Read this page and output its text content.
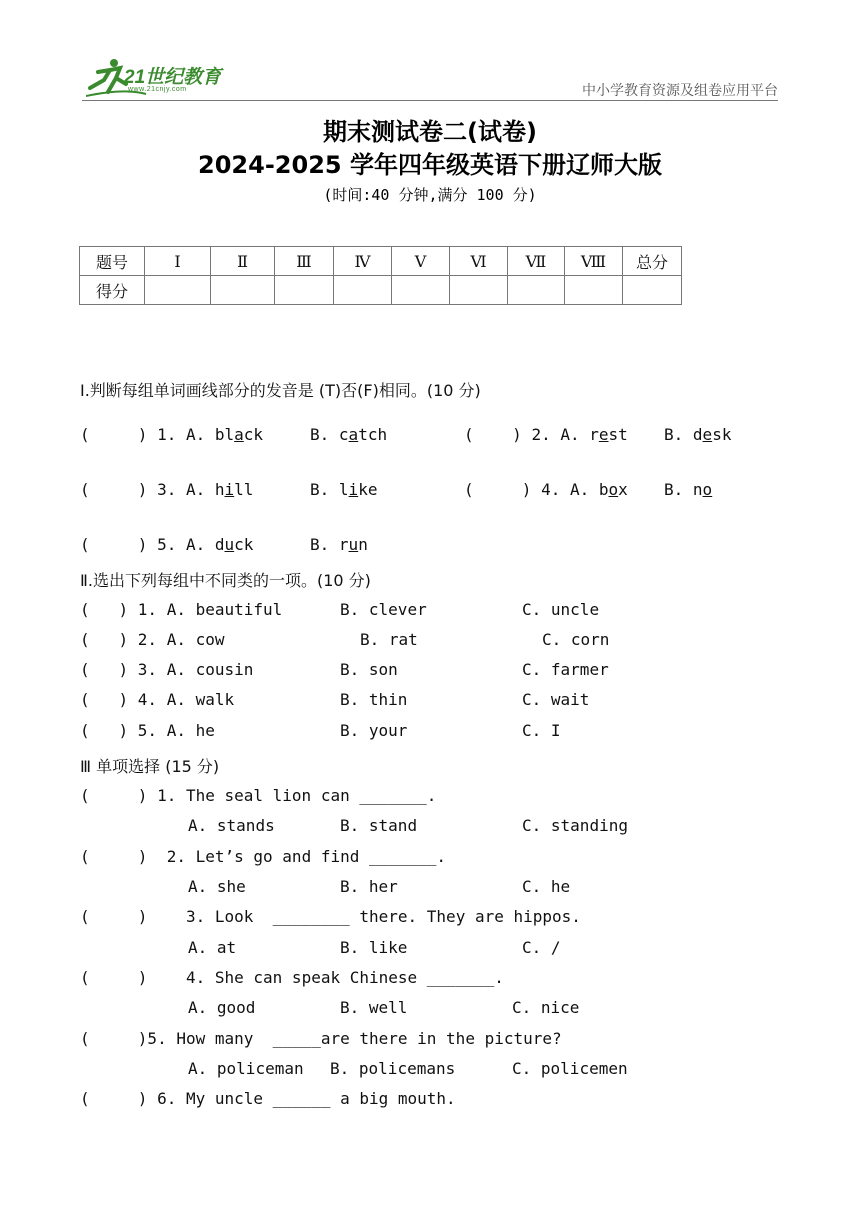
21世纪教育
www.21cnjy.com	中小学教育资源及组卷应用平台
期末测试卷二(试卷)
2024-2025 学年四年级英语下册辽师大版
(时间:40 分钟,满分 100 分)
题号	Ⅰ	Ⅱ	Ⅲ	Ⅳ	Ⅴ	Ⅵ	Ⅶ	Ⅷ	总分
得分									
Ⅰ.判断每组单词画线部分的发音是 (T)否(F)相同。(10 分)
(     ) 1. A. black	B. catch	(    ) 2. A. rest B. desk
(     ) 3. A. hill	B. like	(     ) 4. A. box B. no
(     ) 5. A. duck	B. run
Ⅱ.选出下列每组中不同类的一项。(10 分)
(   ) 1. A. beautiful	B. clever	C. uncle
(   ) 2. A. cow	B. rat	C. corn
(   ) 3. A. cousin	B. son	C. farmer
(   ) 4. A. walk	B. thin	C. wait
(   ) 5. A. he	B. your	C. I
Ⅲ 单项选择 (15 分)
(     ) 1. The seal lion can _______.
A. stands	B. stand	C. standing
(     )  2. Let’s go and find _______.
A. she	B. her	C. he
(     )    3. Look  ________ there. They are hippos.
A. at	B. like	C. /
(     )    4. She can speak Chinese _______.
A. good	B. well	C. nice
(     )5. How many  _____are there in the picture?
A. policeman B. policemans	C. policemen
(     ) 6. My uncle ______ a big mouth.
